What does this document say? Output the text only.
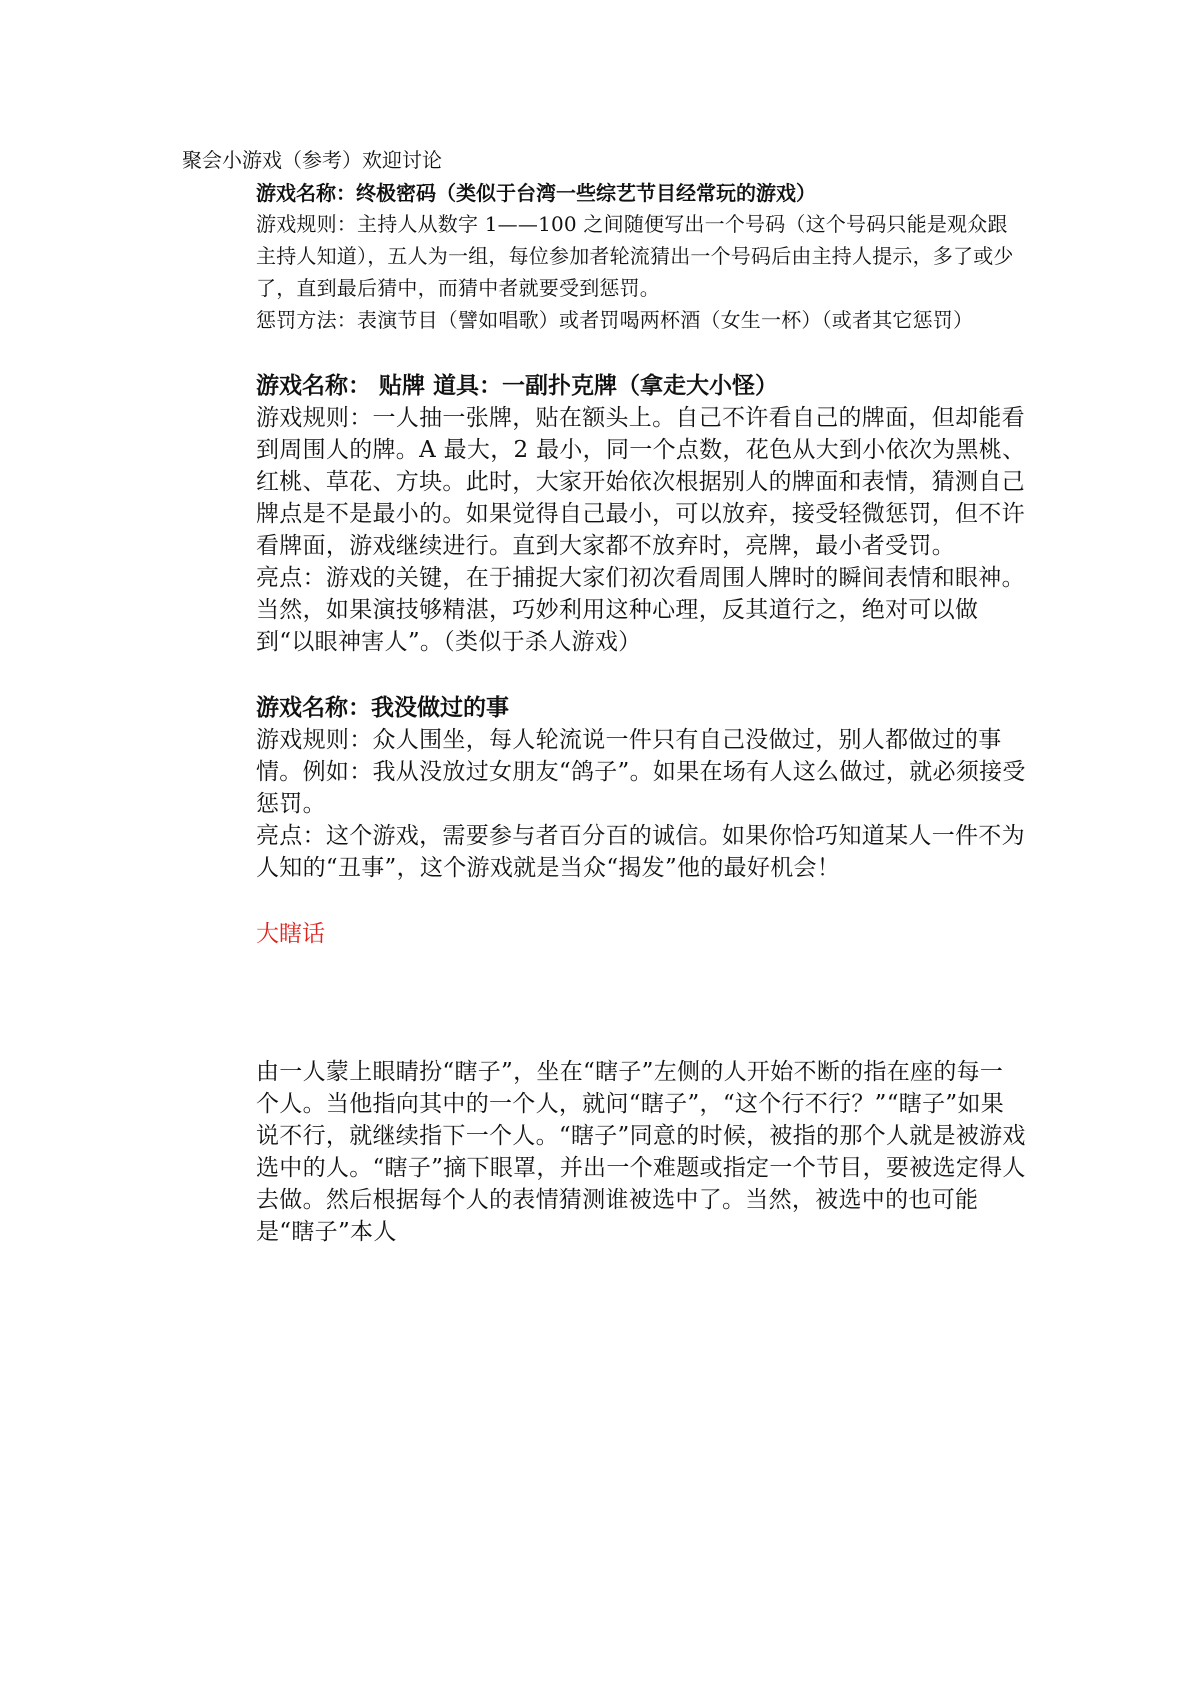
聚会小游戏（参考）欢迎讨论
游戏名称：终极密码（类似于台湾一些综艺节目经常玩的游戏）
游戏规则：主持人从数字 1——100 之间随便写出一个号码（这个号码只能是观众跟主持人知道），五人为一组，每位参加者轮流猜出一个号码后由主持人提示，多了或少了，直到最后猜中，而猜中者就要受到惩罚。
惩罚方法：表演节目（譬如唱歌）或者罚喝两杯酒（女生一杯）（或者其它惩罚）
游戏名称： 贴牌 道具：一副扑克牌（拿走大小怪）
游戏规则：一人抽一张牌，贴在额头上。自己不许看自己的牌面，但却能看到周围人的牌。A 最大，2 最小，同一个点数，花色从大到小依次为黑桃、红桃、草花、方块。此时，大家开始依次根据别人的牌面和表情，猜测自己牌点是不是最小的。如果觉得自己最小，可以放弃，接受轻微惩罚，但不许看牌面，游戏继续进行。直到大家都不放弃时，亮牌，最小者受罚。
亮点：游戏的关键，在于捕捉大家们初次看周围人牌时的瞬间表情和眼神。当然，如果演技够精湛，巧妙利用这种心理，反其道行之，绝对可以做到“以眼神害人”。（类似于杀人游戏）
游戏名称：我没做过的事
游戏规则：众人围坐，每人轮流说一件只有自己没做过，别人都做过的事情。例如：我从没放过女朋友“鸽子”。如果在场有人这么做过，就必须接受惩罚。
亮点：这个游戏，需要参与者百分百的诚信。如果你恰巧知道某人一件不为人知的“丑事”，这个游戏就是当众“揭发”他的最好机会！
大瞎话
由一人蒙上眼睛扮“瞎子”，坐在“瞎子”左侧的人开始不断的指在座的每一个人。当他指向其中的一个人，就问“瞎子”，“这个行不行？”“瞎子”如果说不行，就继续指下一个人。“瞎子”同意的时候，被指的那个人就是被游戏选中的人。“瞎子”摘下眼罩，并出一个难题或指定一个节目，要被选定得人去做。然后根据每个人的表情猜测谁被选中了。当然，被选中的也可能是“瞎子”本人
